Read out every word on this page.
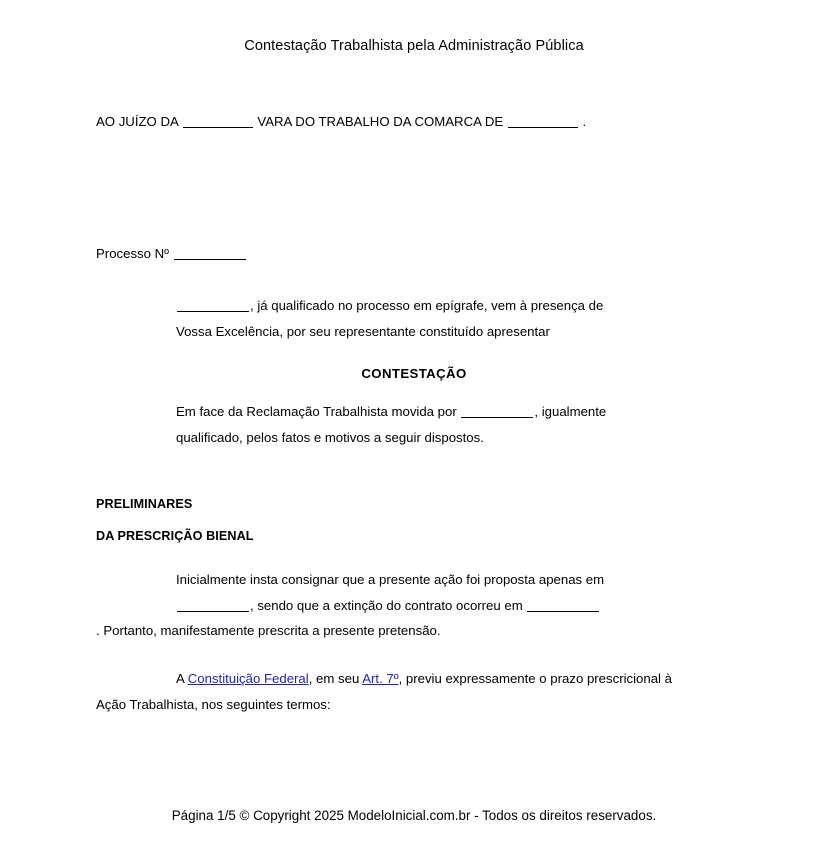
Contestação Trabalhista pela Administração Pública
AO JUÍZO DA	VARA DO TRABALHO DA COMARCA DE	.
Processo Nº
, já qualificado no processo em epígrafe, vem à presença de
Vossa Excelência, por seu representante constituído apresentar
CONTESTAÇÃO
Em face da Reclamação Trabalhista movida por	, igualmente
qualificado, pelos fatos e motivos a seguir dispostos.
PRELIMINARES
DA PRESCRIÇÃO BIENAL
Inicialmente insta consignar que a presente ação foi proposta apenas em
, sendo que a extinção do contrato ocorreu em
. Portanto, manifestamente prescrita a presente pretensão.
A Constituição Federal, em seu Art. 7º, previu expressamente o prazo prescricional à
Ação Trabalhista, nos seguintes termos:
Página 1/5 © Copyright 2025 ModeloInicial.com.br - Todos os direitos reservados.
